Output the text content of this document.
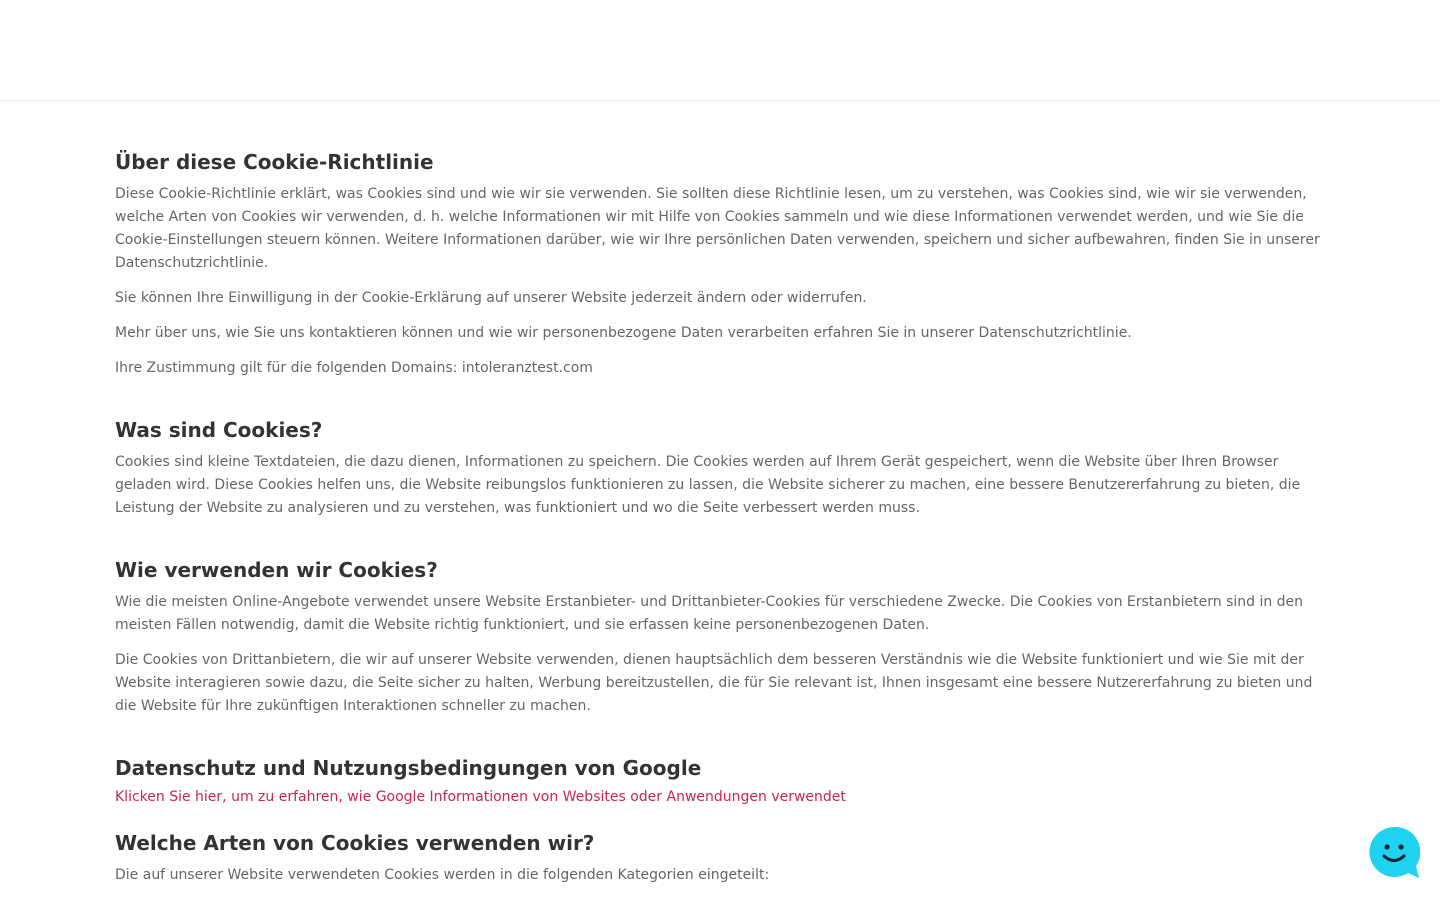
Über diese Cookie-Richtlinie

Diese Cookie-Richtlinie erklärt, was Cookies sind und wie wir sie verwenden. Sie sollten diese Richtlinie lesen, um zu verstehen, was Cookies sind, wie wir sie verwenden, welche Arten von Cookies wir verwenden, d. h. welche Informationen wir mit Hilfe von Cookies sammeln und wie diese Informationen verwendet werden, und wie Sie die Cookie-Einstellungen steuern können. Weitere Informationen darüber, wie wir Ihre persönlichen Daten verwenden, speichern und sicher aufbewahren, finden Sie in unserer Datenschutzrichtlinie.

Sie können Ihre Einwilligung in der Cookie-Erklärung auf unserer Website jederzeit ändern oder widerrufen.

Mehr über uns, wie Sie uns kontaktieren können und wie wir personenbezogene Daten verarbeiten erfahren Sie in unserer Datenschutzrichtlinie.

Ihre Zustimmung gilt für die folgenden Domains: intoleranztest.com

Was sind Cookies?

Cookies sind kleine Textdateien, die dazu dienen, Informationen zu speichern. Die Cookies werden auf Ihrem Gerät gespeichert, wenn die Website über Ihren Browser geladen wird. Diese Cookies helfen uns, die Website reibungslos funktionieren zu lassen, die Website sicherer zu machen, eine bessere Benutzererfahrung zu bieten, die Leistung der Website zu analysieren und zu verstehen, was funktioniert und wo die Seite verbessert werden muss.

Wie verwenden wir Cookies?

Wie die meisten Online-Angebote verwendet unsere Website Erstanbieter- und Drittanbieter-Cookies für verschiedene Zwecke. Die Cookies von Erstanbietern sind in den meisten Fällen notwendig, damit die Website richtig funktioniert, und sie erfassen keine personenbezogenen Daten.

Die Cookies von Drittanbietern, die wir auf unserer Website verwenden, dienen hauptsächlich dem besseren Verständnis wie die Website funktioniert und wie Sie mit der Website interagieren sowie dazu, die Seite sicher zu halten, Werbung bereitzustellen, die für Sie relevant ist, Ihnen insgesamt eine bessere Nutzererfahrung zu bieten und die Website für Ihre zukünftigen Interaktionen schneller zu machen.

Datenschutz und Nutzungsbedingungen von Google
Klicken Sie hier, um zu erfahren, wie Google Informationen von Websites oder Anwendungen verwendet
Welche Arten von Cookies verwenden wir?

Die auf unserer Website verwendeten Cookies werden in die folgenden Kategorien eingeteilt:
